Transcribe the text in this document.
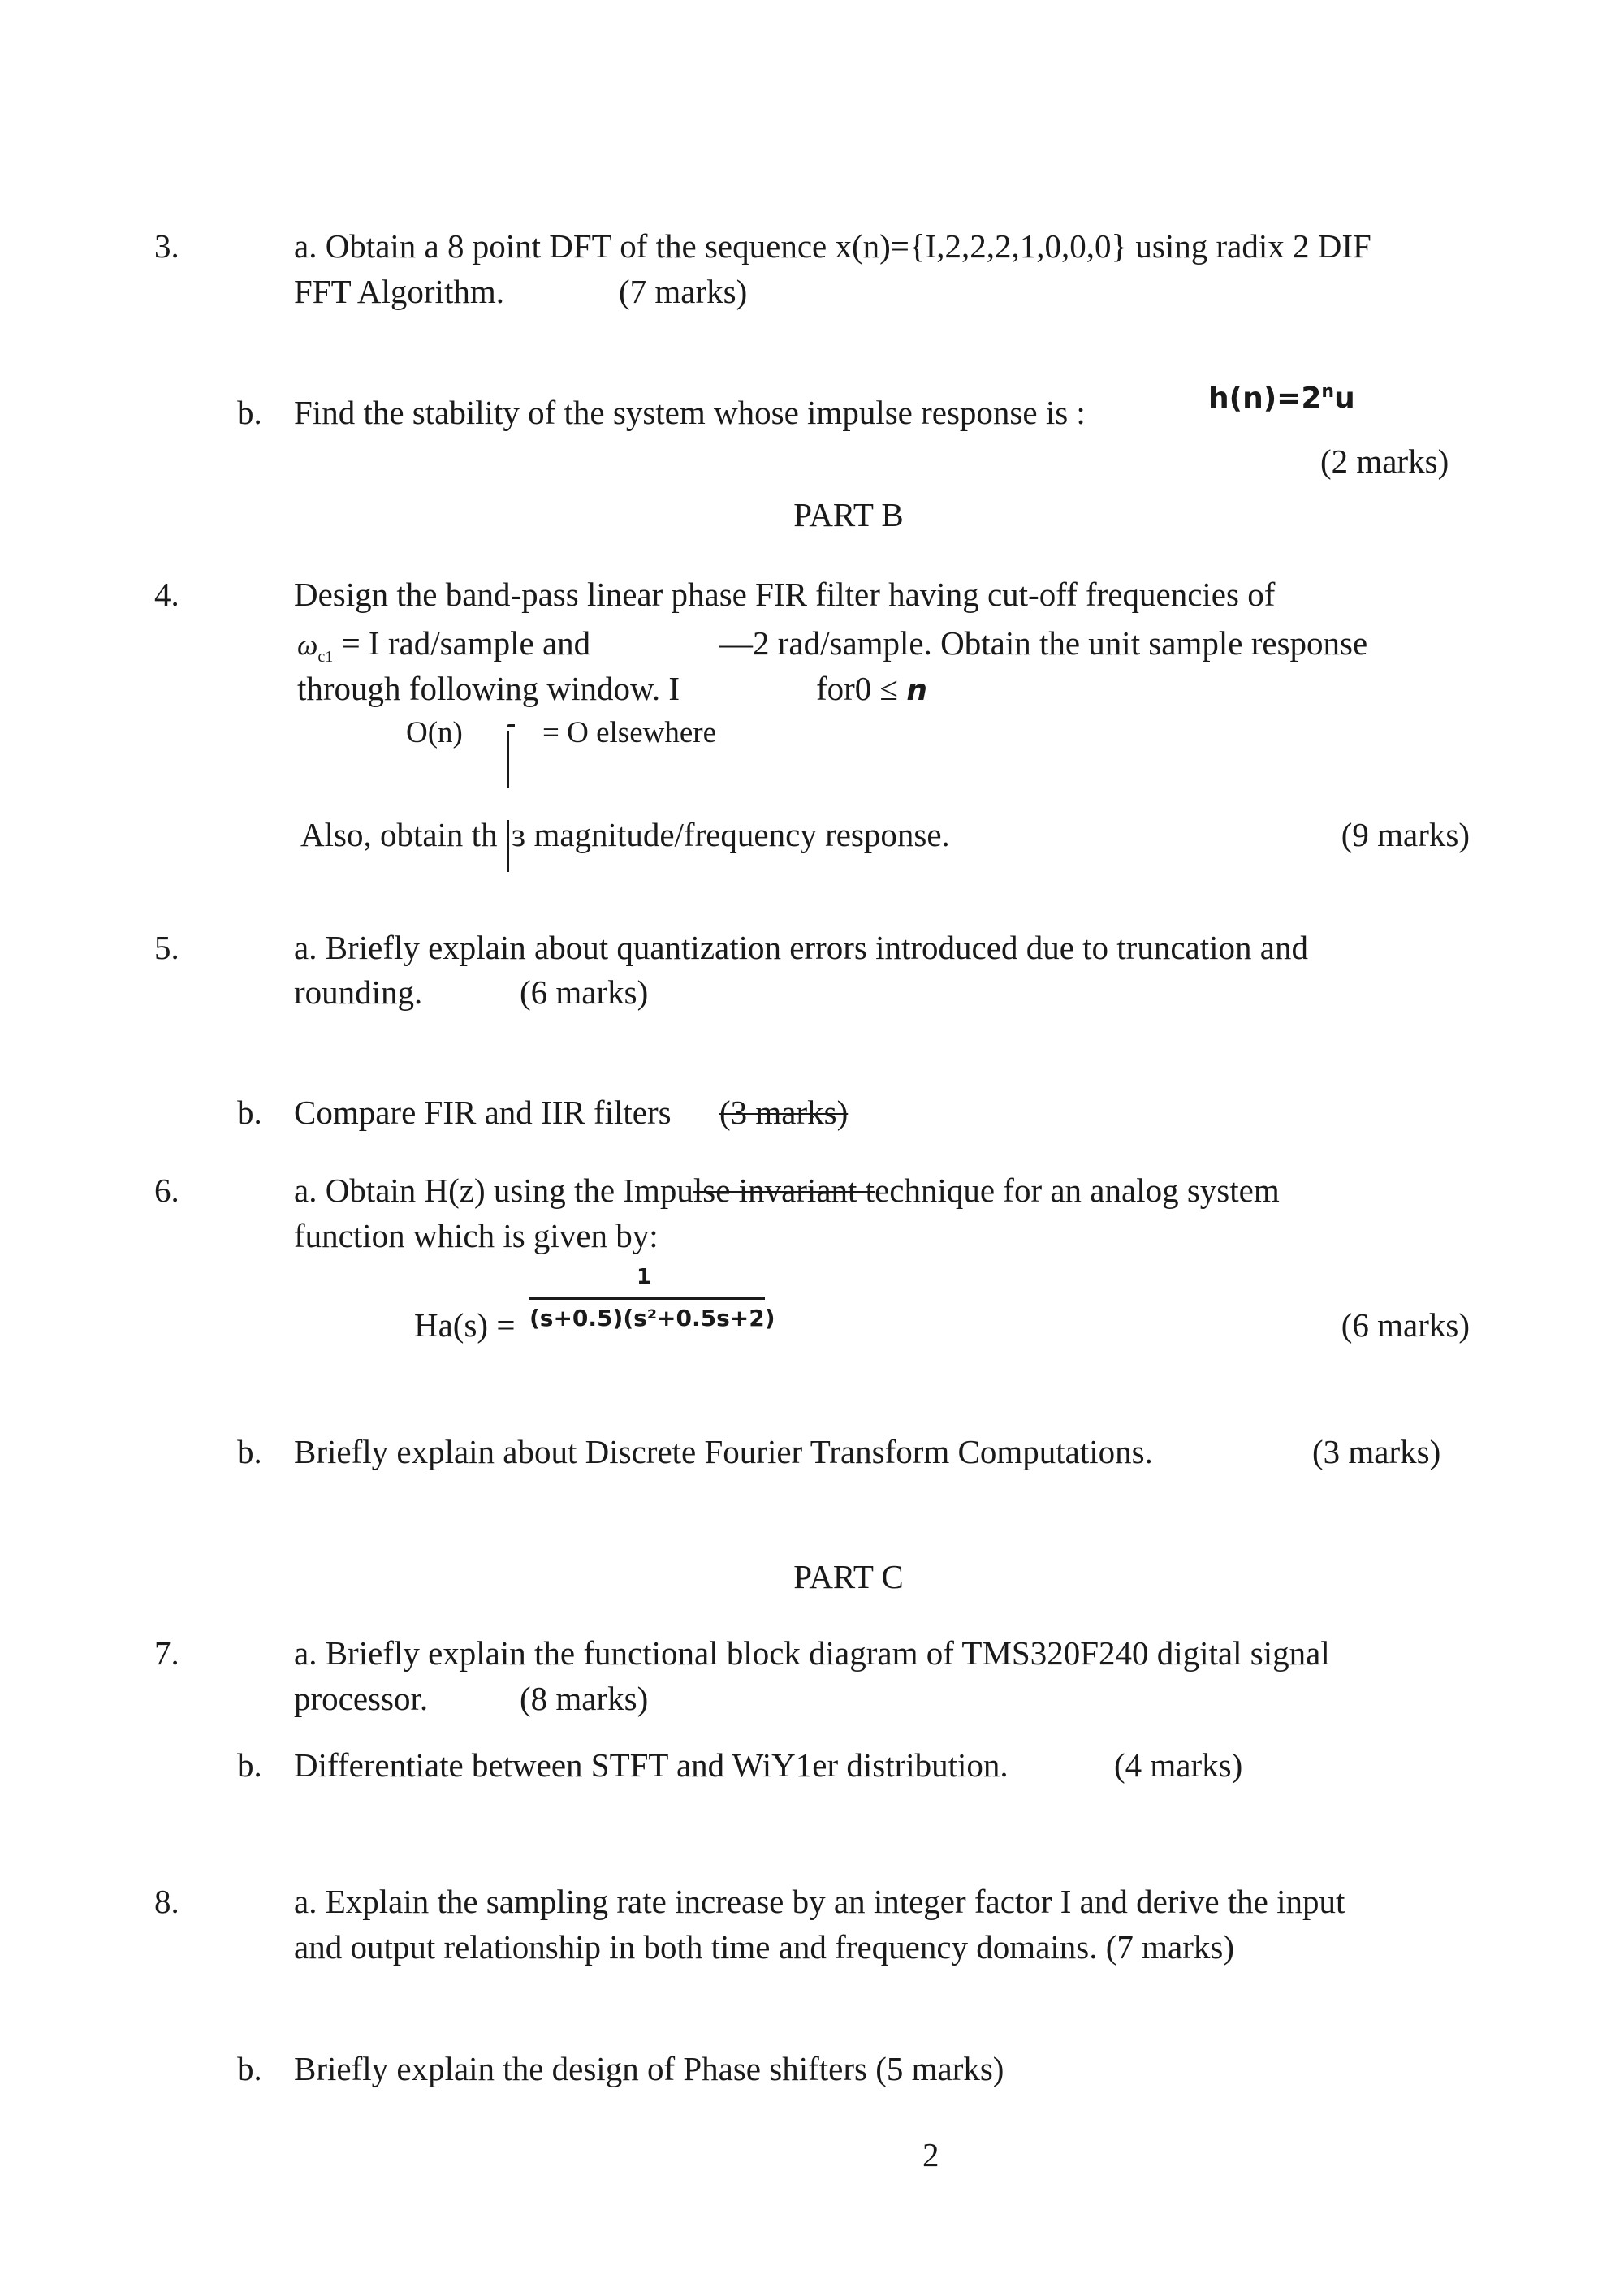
3.	a. Obtain a 8 point DFT of the sequence x(n)={I,2,2,2,1,0,0,0} using radix 2 DIF
FFT Algorithm.	(7 marks)
b. Find the stability of the system whose impulse response is :	$h(n)=2^nu$
(2 marks)
PART B
4.	Design the band-pass linear phase FIR filter having cut-off frequencies of
$\omega_{c1} = I$ rad/sample and	—2 rad/sample. Obtain the unit sample response
through following window. I	for0 ≤ n
O(n)	= O elsewhere
Also, obtain th ɜ magnitude/frequency response.	(9 marks)
5.	a. Briefly explain about quantization errors introduced due to truncation and
rounding.	(6 marks)
b. Compare FIR and IIR filters (3 marks)
6.	a. Obtain H(z) using the Impulse invariant technique for an analog system
function which is given by:
1
Ha(s) = (s+0.5)(s²+0.5s+2)	(6 marks)
b. Briefly explain about Discrete Fourier Transform Computations.	(3 marks)
PART C
7.	a. Briefly explain the functional block diagram of TMS320F240 digital signal
processor.	(8 marks)
b. Differentiate between STFT and WiY1er distribution.	(4 marks)
8.	a. Explain the sampling rate increase by an integer factor I and derive the input
and output relationship in both time and frequency domains. (7 marks)
b. Briefly explain the design of Phase shifters (5 marks)
2
